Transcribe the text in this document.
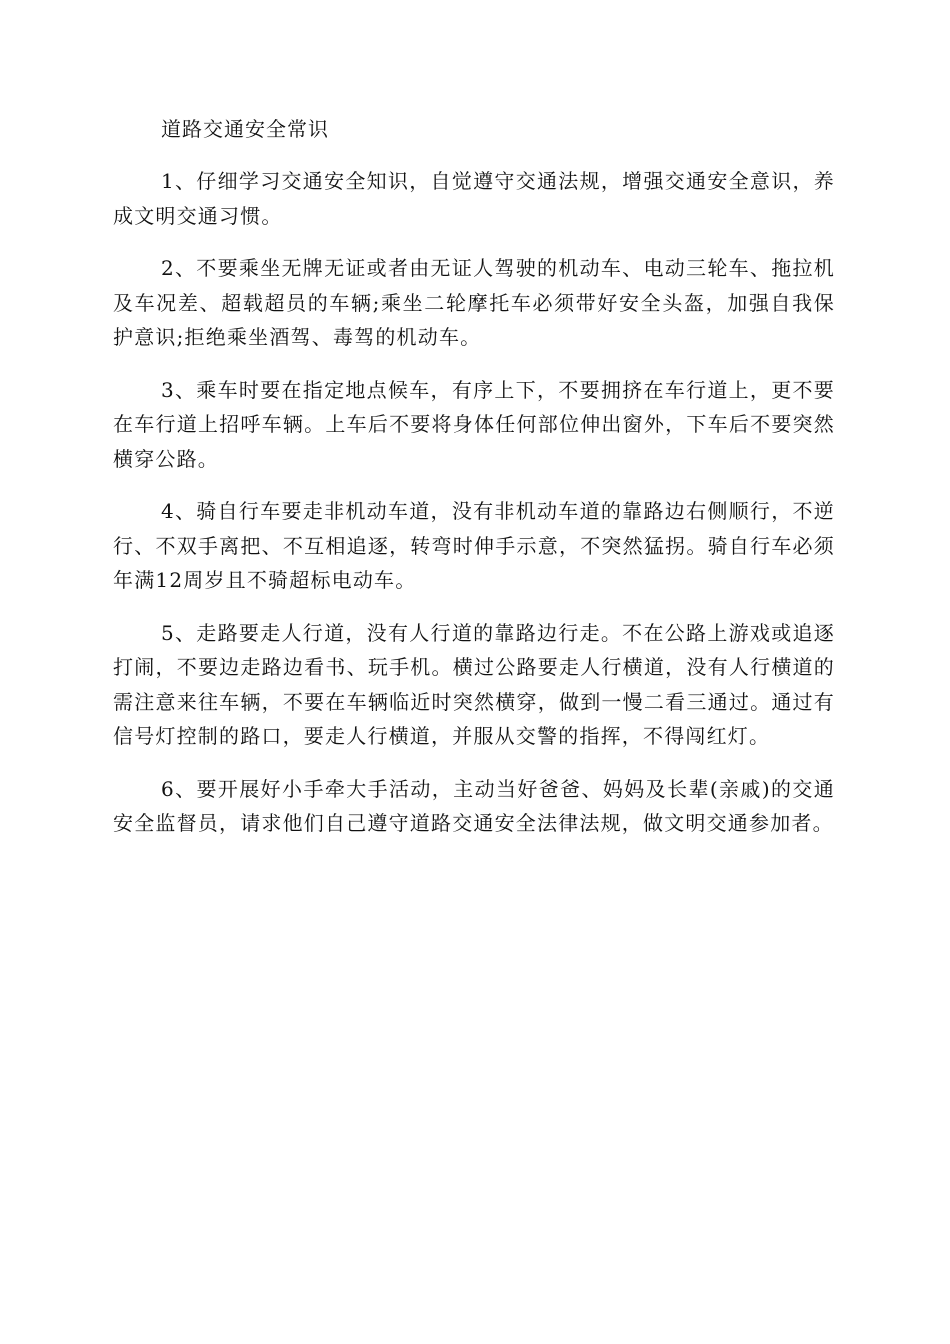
道路交通安全常识

1、仔细学习交通安全知识，自觉遵守交通法规，增强交通安全意识，养成文明交通习惯。

2、不要乘坐无牌无证或者由无证人驾驶的机动车、电动三轮车、拖拉机及车况差、超载超员的车辆;乘坐二轮摩托车必须带好安全头盔，加强自我保护意识;拒绝乘坐酒驾、毒驾的机动车。

3、乘车时要在指定地点候车，有序上下，不要拥挤在车行道上，更不要在车行道上招呼车辆。上车后不要将身体任何部位伸出窗外，下车后不要突然横穿公路。

4、骑自行车要走非机动车道，没有非机动车道的靠路边右侧顺行，不逆行、不双手离把、不互相追逐，转弯时伸手示意，不突然猛拐。骑自行车必须年满12周岁且不骑超标电动车。

5、走路要走人行道，没有人行道的靠路边行走。不在公路上游戏或追逐打闹，不要边走路边看书、玩手机。横过公路要走人行横道，没有人行横道的需注意来往车辆，不要在车辆临近时突然横穿，做到一慢二看三通过。通过有信号灯控制的路口，要走人行横道，并服从交警的指挥，不得闯红灯。

6、要开展好小手牵大手活动，主动当好爸爸、妈妈及长辈(亲戚)的交通安全监督员，请求他们自己遵守道路交通安全法律法规，做文明交通参加者。
